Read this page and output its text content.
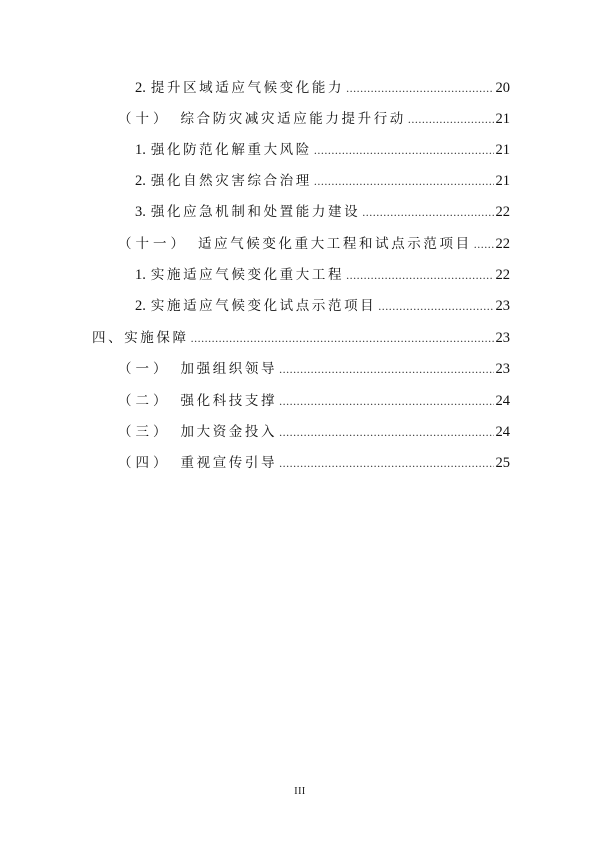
2. 提升区域适应气候变化能力 .....	20
（十） 综合防灾减灾适应能力提升行动 .....	21
1. 强化防范化解重大风险 .....	21
2. 强化自然灾害综合治理 .....	21
3. 强化应急机制和处置能力建设 .....	22
（十一） 适应气候变化重大工程和试点示范项目 ..... 22
1. 实施适应气候变化重大工程 .....	22
2. 实施适应气候变化试点示范项目 .....	23
四、 实施保障 .....	23
（一） 加强组织领导 .....	23
（二） 强化科技支撑 .....	24
（三） 加大资金投入 .....	24
（四） 重视宣传引导 .....	25
III
